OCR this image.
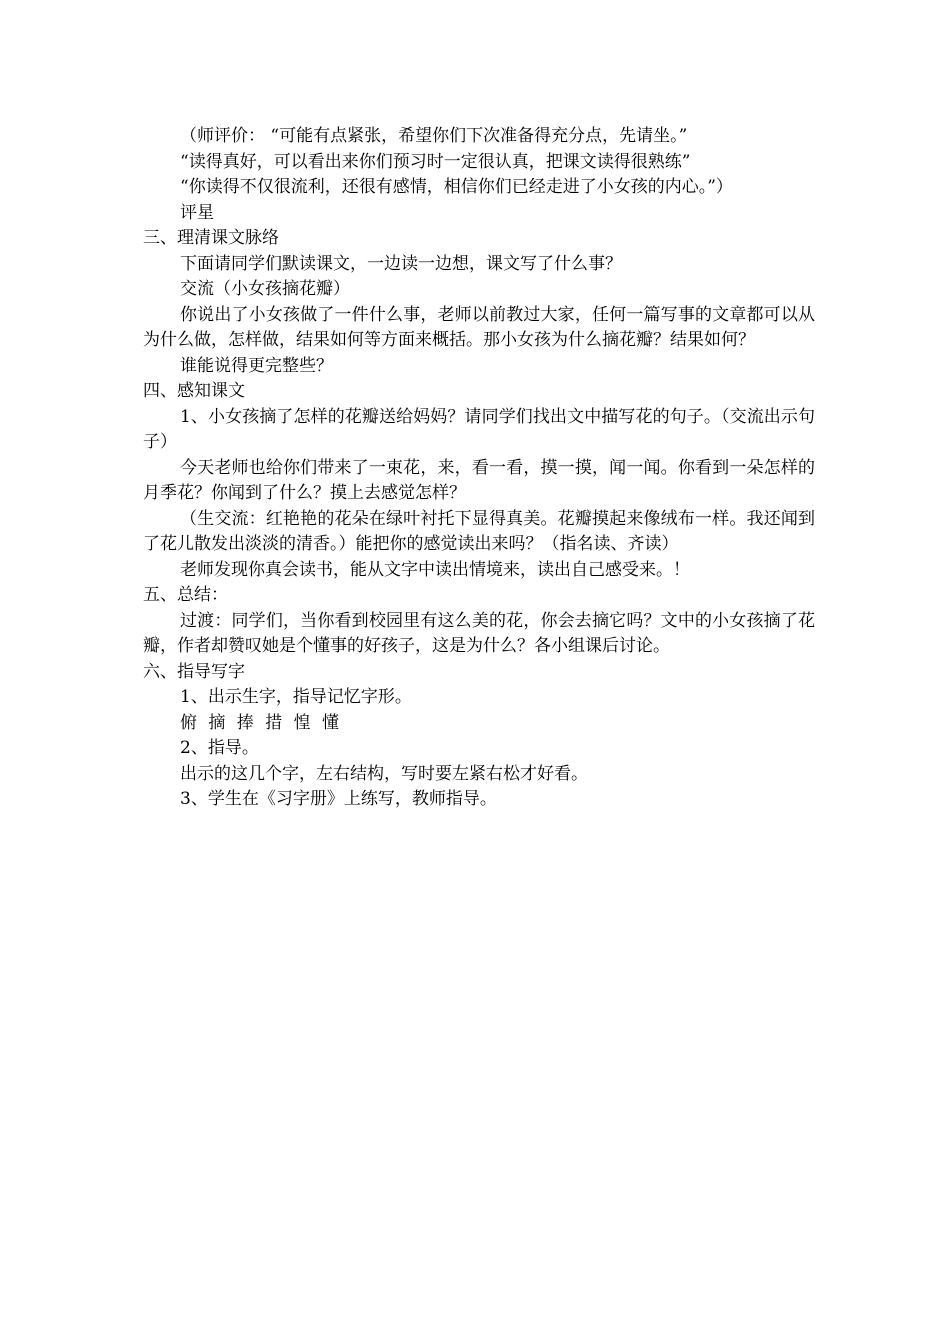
（师评价： “可能有点紧张，希望你们下次准备得充分点，先请坐。”
“读得真好，可以看出来你们预习时一定很认真，把课文读得很熟练”
“你读得不仅很流利，还很有感情，相信你们已经走进了小女孩的内心。”）
评星
三、理清课文脉络
下面请同学们默读课文，一边读一边想，课文写了什么事？
交流（小女孩摘花瓣）
你说出了小女孩做了一件什么事，老师以前教过大家，任何一篇写事的文章都可以从为什么做，怎样做，结果如何等方面来概括。那小女孩为什么摘花瓣？结果如何？
谁能说得更完整些？
四、感知课文
1、小女孩摘了怎样的花瓣送给妈妈？请同学们找出文中描写花的句子。（交流出示句子）
今天老师也给你们带来了一束花，来，看一看，摸一摸，闻一闻。你看到一朵怎样的月季花？你闻到了什么？摸上去感觉怎样？
（生交流：红艳艳的花朵在绿叶衬托下显得真美。花瓣摸起来像绒布一样。我还闻到了花儿散发出淡淡的清香。）能把你的感觉读出来吗？（指名读、齐读）
老师发现你真会读书，能从文字中读出情境来，读出自己感受来。！
五、总结：
过渡：同学们，当你看到校园里有这么美的花，你会去摘它吗？文中的小女孩摘了花瓣，作者却赞叹她是个懂事的好孩子，这是为什么？各小组课后讨论。
六、指导写字
1、出示生字，指导记忆字形。
俯 摘 捧 措 惶 懂
2、指导。
出示的这几个字，左右结构，写时要左紧右松才好看。
3、学生在《习字册》上练写，教师指导。
